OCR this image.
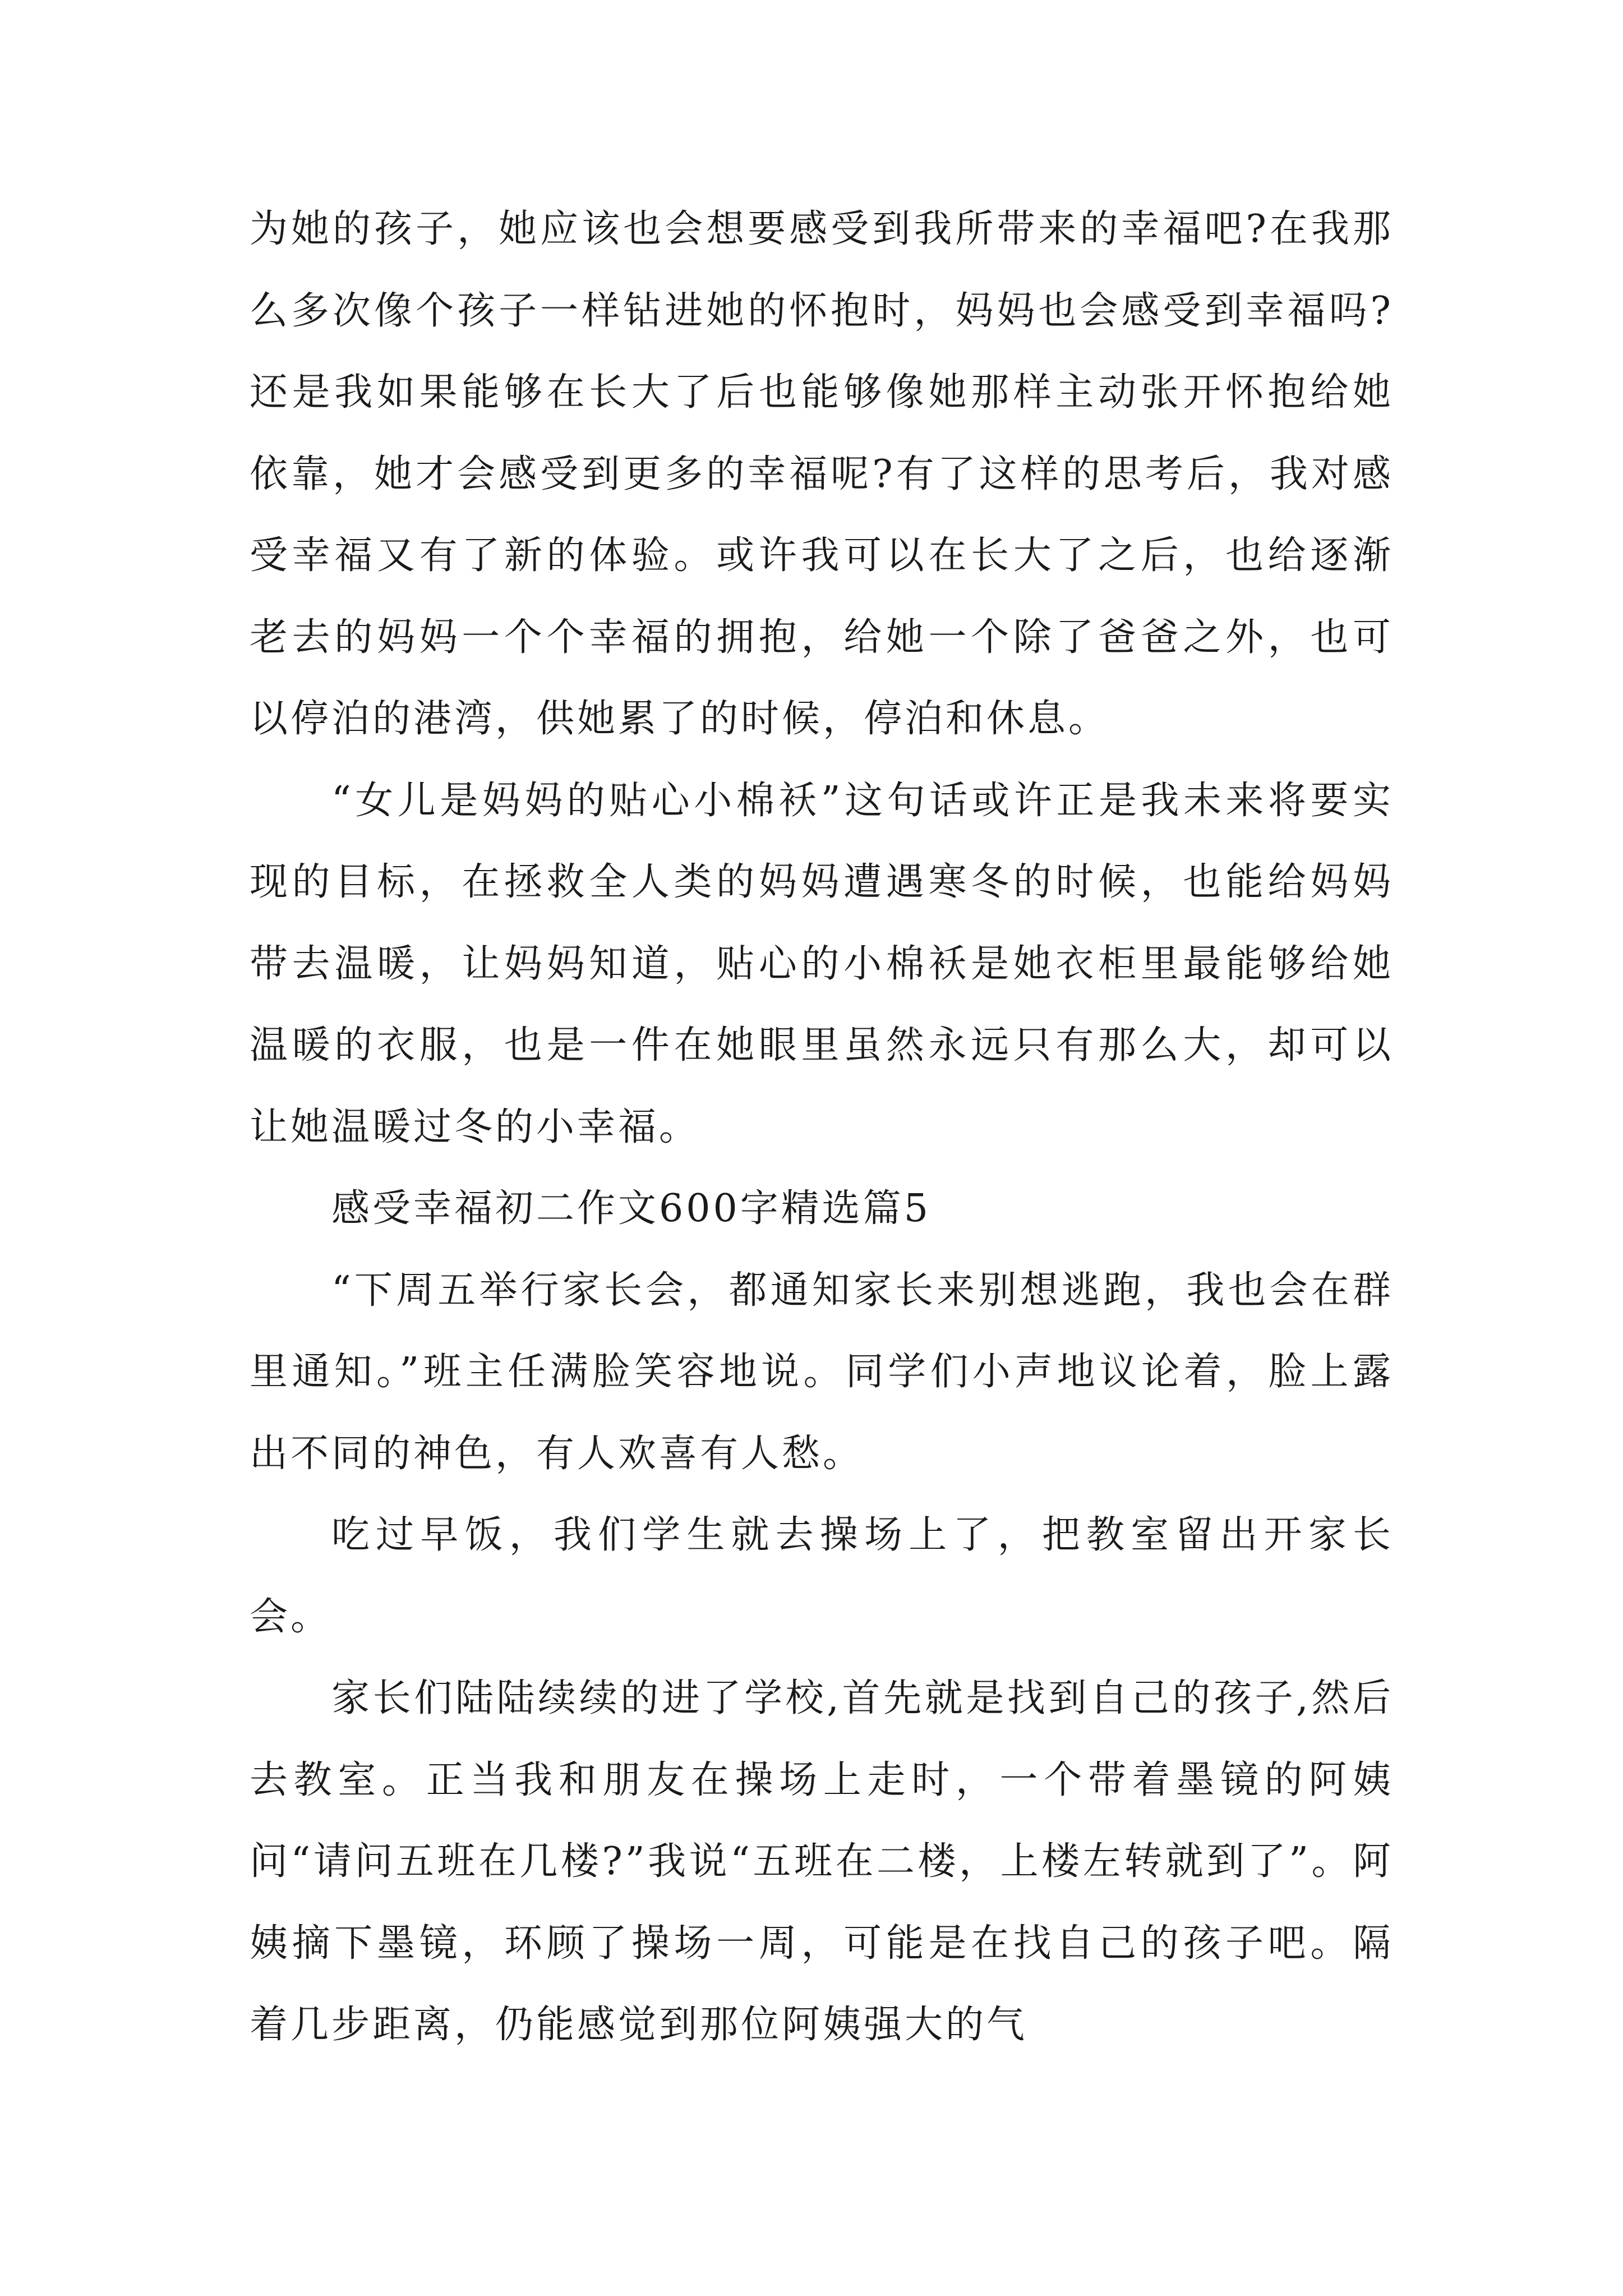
为她的孩子，她应该也会想要感受到我所带来的幸福吧?在我那么多次像个孩子一样钻进她的怀抱时，妈妈也会感受到幸福吗?还是我如果能够在长大了后也能够像她那样主动张开怀抱给她依靠，她才会感受到更多的幸福呢?有了这样的思考后，我对感受幸福又有了新的体验。或许我可以在长大了之后，也给逐渐老去的妈妈一个个幸福的拥抱，给她一个除了爸爸之外，也可以停泊的港湾，供她累了的时候，停泊和休息。

“女儿是妈妈的贴心小棉袄”这句话或许正是我未来将要实现的目标，在拯救全人类的妈妈遭遇寒冬的时候，也能给妈妈带去温暖，让妈妈知道，贴心的小棉袄是她衣柜里最能够给她温暖的衣服，也是一件在她眼里虽然永远只有那么大，却可以让她温暖过冬的小幸福。

感受幸福初二作文600字精选篇5

“下周五举行家长会，都通知家长来别想逃跑，我也会在群里通知。”班主任满脸笑容地说。同学们小声地议论着，脸上露出不同的神色，有人欢喜有人愁。

吃过早饭，我们学生就去操场上了，把教室留出开家长会。

家长们陆陆续续的进了学校,首先就是找到自己的孩子,然后去教室。正当我和朋友在操场上走时，一个带着墨镜的阿姨问“请问五班在几楼?”我说“五班在二楼，上楼左转就到了”。阿姨摘下墨镜，环顾了操场一周，可能是在找自己的孩子吧。隔着几步距离，仍能感觉到那位阿姨强大的气
